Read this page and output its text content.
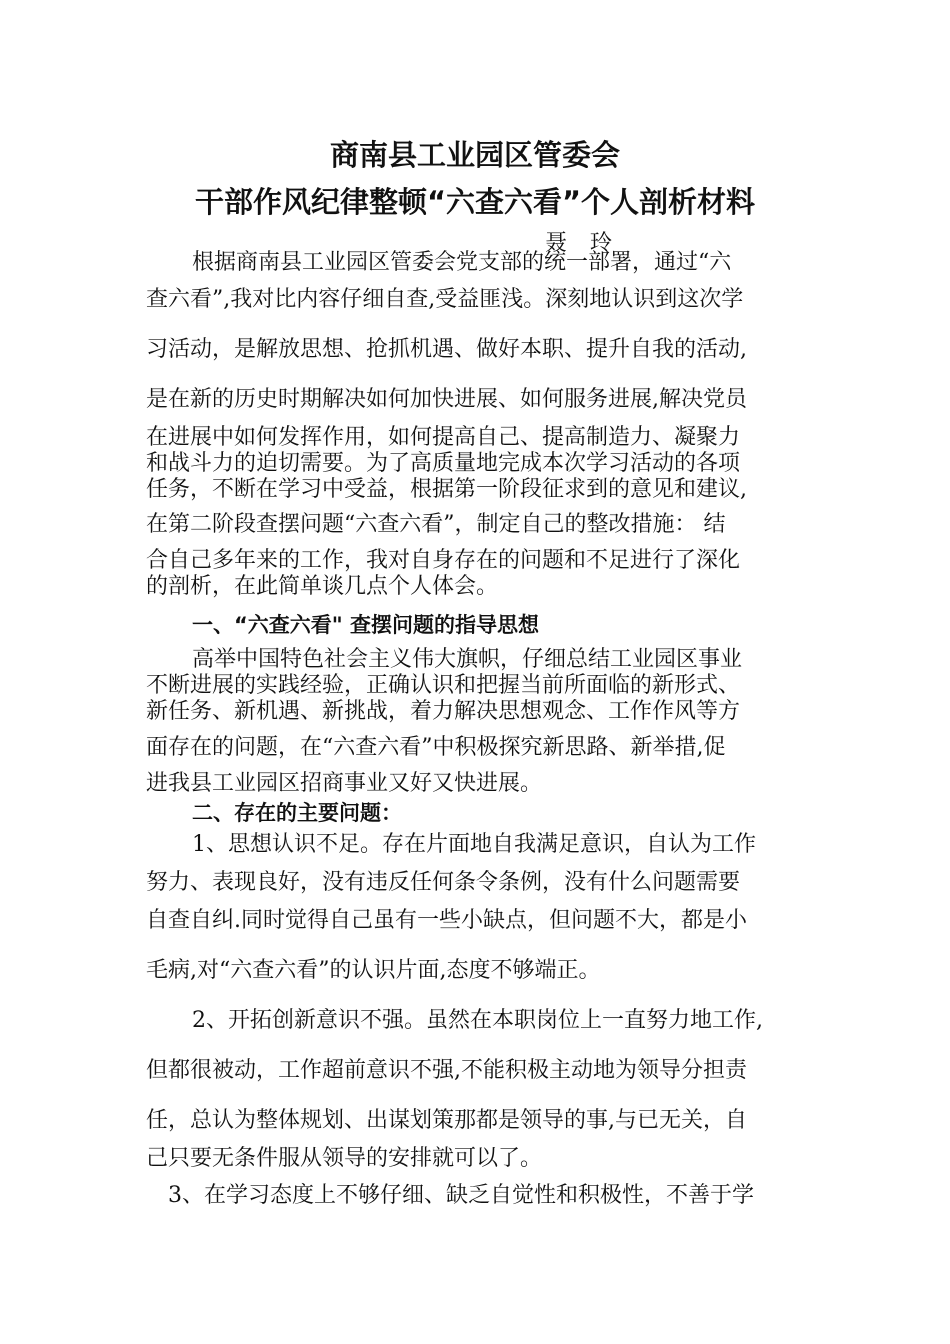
商南县工业园区管委会
干部作风纪律整顿“六查六看”个人剖析材料
聂 玲
根据商南县工业园区管委会党支部的统一部署，通过“六
查六看”,我对比内容仔细自查,受益匪浅。深刻地认识到这次学
习活动，是解放思想、抢抓机遇、做好本职、提升自我的活动,
是在新的历史时期解决如何加快进展、如何服务进展,解决党员
在进展中如何发挥作用，如何提高自己、提高制造力、凝聚力
和战斗力的迫切需要。为了高质量地完成本次学习活动的各项
任务，不断在学习中受益，根据第一阶段征求到的意见和建议,
在第二阶段查摆问题“六查六看”，制定自己的整改措施： 结
合自己多年来的工作，我对自身存在的问题和不足进行了深化
的剖析，在此简单谈几点个人体会。
一、“六查六看" 查摆问题的指导思想
高举中国特色社会主义伟大旗帜，仔细总结工业园区事业
不断进展的实践经验，正确认识和把握当前所面临的新形式、
新任务、新机遇、新挑战，着力解决思想观念、工作作风等方
面存在的问题，在“六查六看”中积极探究新思路、新举措,促
进我县工业园区招商事业又好又快进展。
二、存在的主要问题：
1、思想认识不足。存在片面地自我满足意识，自认为工作
努力、表现良好，没有违反任何条令条例，没有什么问题需要
自查自纠.同时觉得自己虽有一些小缺点，但问题不大，都是小
毛病,对“六查六看”的认识片面,态度不够端正。
2、开拓创新意识不强。虽然在本职岗位上一直努力地工作,
但都很被动，工作超前意识不强,不能积极主动地为领导分担责
任，总认为整体规划、出谋划策那都是领导的事,与已无关，自
己只要无条件服从领导的安排就可以了。
3、在学习态度上不够仔细、缺乏自觉性和积极性，不善于学
